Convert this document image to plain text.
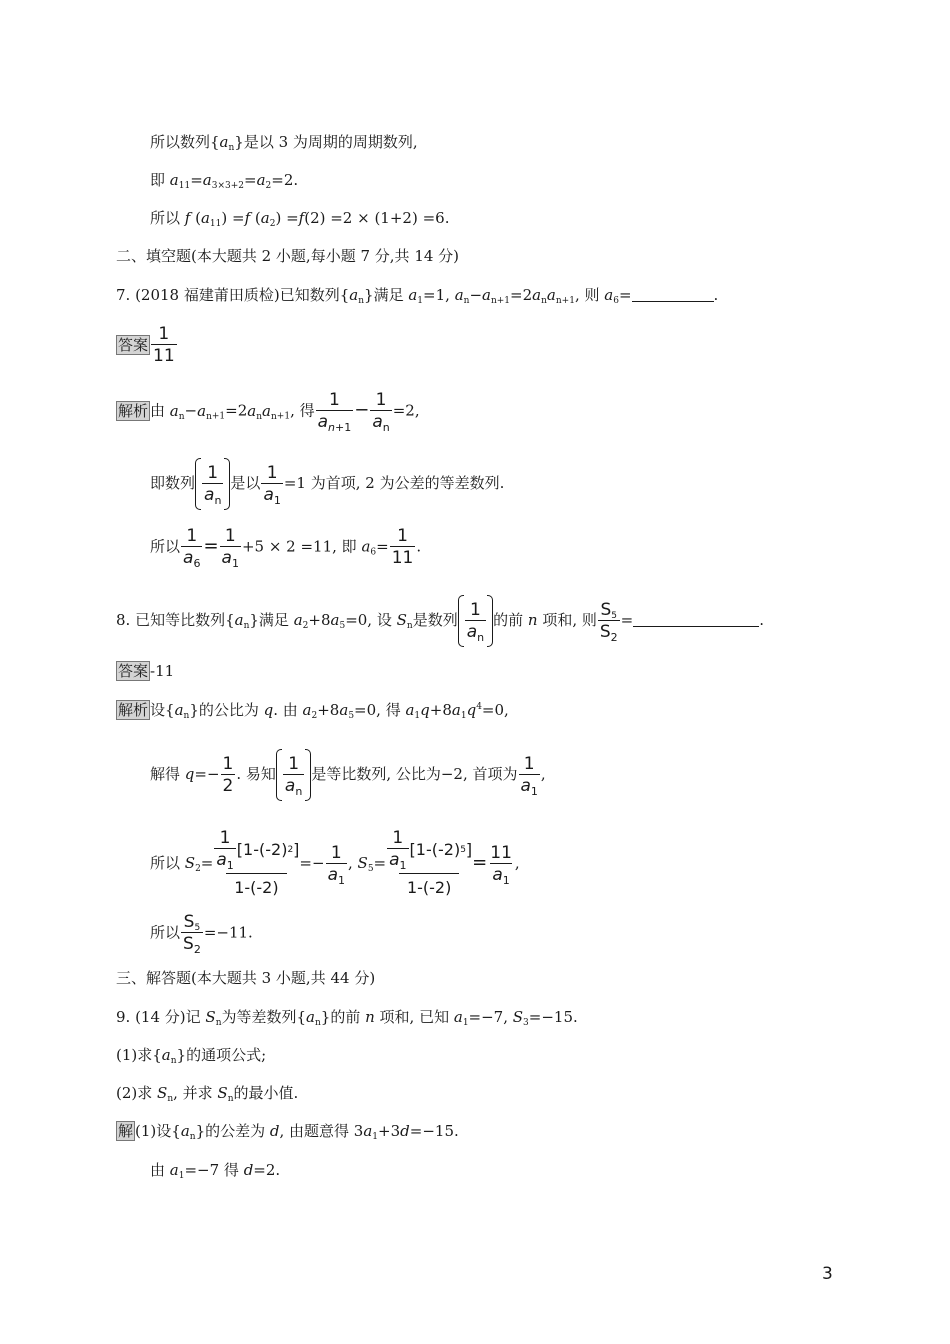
所以数列$\{a_n\}$是以 3 为周期的周期数列,
即 $a_{11}=a_{3\times 3+2}=a_2=2$.
所以 f $(a_{11}) =f$ $(a_2) =f(2) =2 \times (1+2) =6$.
二、填空题(本大题共 2 小题,每小题 7 分,共 14 分)
7. (2018 福建莆田质检)已知数列$\{a_n\}$满足 $a_1=1$, $a_n-a_{n+1}=2a_na_{n+1}$, 则 $a_6=$	.
答案 $\frac{1}{11}$
解析 由 $a_n-a_{n+1}=2a_na_{n+1}$, 得 $\frac{1}{a_{n+1}} - \frac{1}{a_n} =2$,
即数列 $\frac{1}{a_n}$ 是以 $\frac{1}{a_1} =1$ 为首项, 2 为公差的等差数列.
所以 $\frac{1}{a_6} = \frac{1}{a_1} +5 \times 2 =11$, 即 $a_6= \frac{1}{11}$ .
8. 已知等比数列$\{a_n\}$满足 $a_2+8a_5=0$, 设 $S_n$是数列 $\frac{1}{a_n}$ 的前 n 项和, 则 $\frac{S_5}{S_2}$ =	.
答案 -11
解析 设$\{a_n\}$的公比为 q. 由 $a_2+8a_5=0$, 得 $a_1q+8a_1q^4=0$,
解得 $q=- \frac{1}{2}$ . 易知 $\frac{1}{a_n}$ 是等比数列, 公比为−2, 首项为 $\frac{1}{a_1}$ ,
所以 $S_2= \frac{\frac{1}{a_1} [1-(-2) 2 ]}{1-(-2)} =- \frac{1}{a_1}$ , $S_5= \frac{\frac{1}{a_1} [1-(-2) 5 ]}{1-(-2)} = \frac{11}{a_1}$ ,
所以 $\frac{S_5}{S_2} =-11$.
三、解答题(本大题共 3 小题,共 44 分)
9. (14 分)记 $S_n$为等差数列$\{a_n\}$的前 n 项和, 已知 $a_1=-7$, $S_3=-15$.
(1)求$\{a_n\}$的通项公式;
(2)求 $S_n$, 并求 $S_n$的最小值.
解 (1)设$\{a_n\}$的公差为 d, 由题意得 $3a_1+3d=-15$.
由 $a_1=-7$ 得 d=2.
3
